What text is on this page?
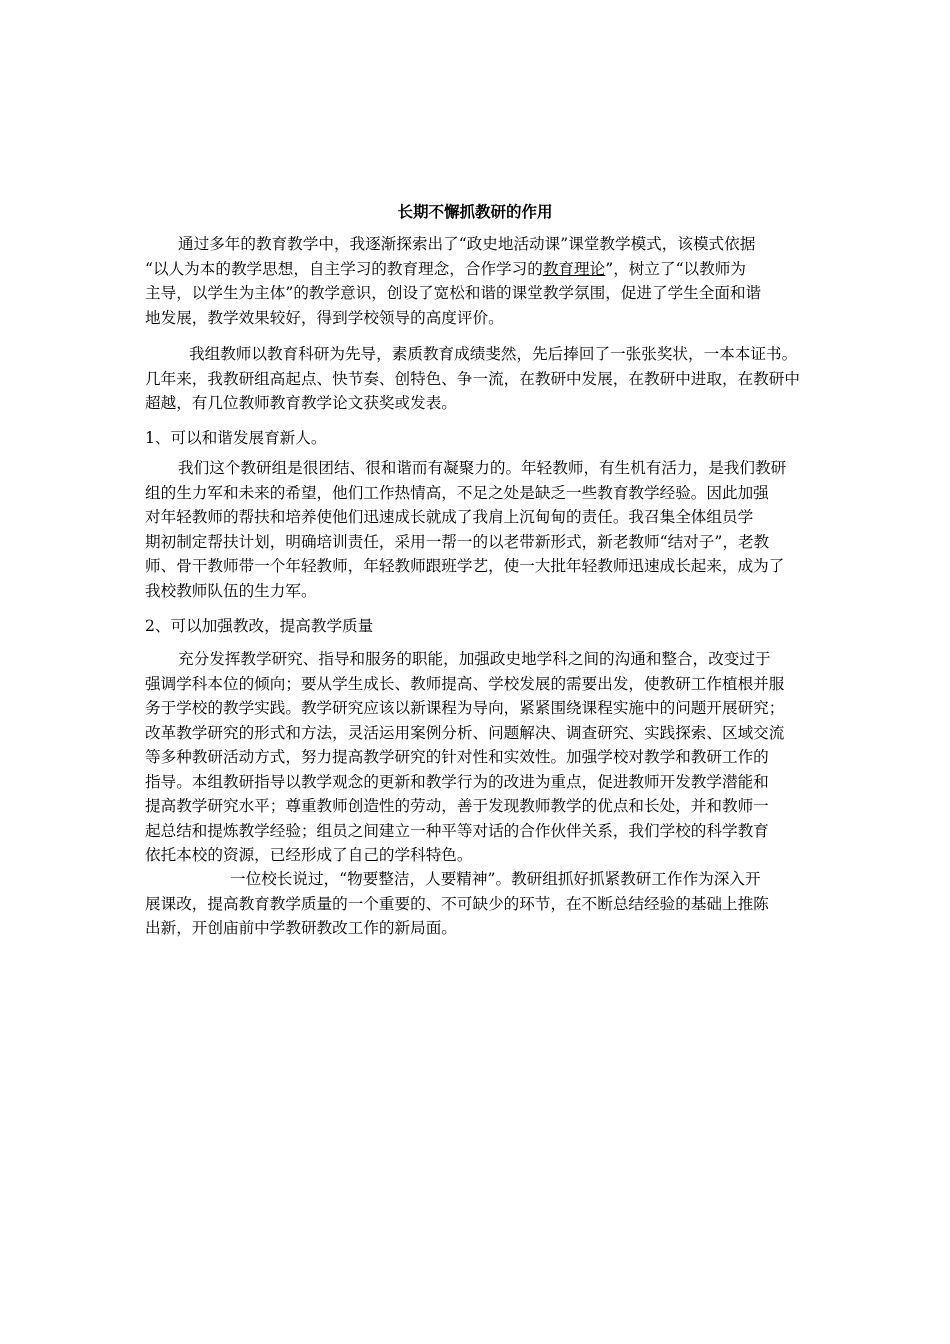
长期不懈抓教研的作用
通过多年的教育教学中，我逐渐探索出了“政史地活动课”课堂教学模式，该模式依据
“以人为本的教学思想，自主学习的教育理念，合作学习的教育理论”，树立了“以教师为
主导，以学生为主体”的教学意识，创设了宽松和谐的课堂教学氛围，促进了学生全面和谐
地发展，教学效果较好，得到学校领导的高度评价。
我组教师以教育科研为先导，素质教育成绩斐然，先后捧回了一张张奖状，一本本证书。
几年来，我教研组高起点、快节奏、创特色、争一流，在教研中发展，在教研中进取，在教研中
超越，有几位教师教育教学论文获奖或发表。
1、可以和谐发展育新人。
我们这个教研组是很团结、很和谐而有凝聚力的。年轻教师，有生机有活力，是我们教研
组的生力军和未来的希望，他们工作热情高，不足之处是缺乏一些教育教学经验。因此加强
对年轻教师的帮扶和培养使他们迅速成长就成了我肩上沉甸甸的责任。我召集全体组员学
期初制定帮扶计划，明确培训责任，采用一帮一的以老带新形式，新老教师“结对子”，老教
师、骨干教师带一个年轻教师，年轻教师跟班学艺，使一大批年轻教师迅速成长起来，成为了
我校教师队伍的生力军。
2、可以加强教改，提高教学质量
充分发挥教学研究、指导和服务的职能，加强政史地学科之间的沟通和整合，改变过于
强调学科本位的倾向；要从学生成长、教师提高、学校发展的需要出发，使教研工作植根并服
务于学校的教学实践。教学研究应该以新课程为导向，紧紧围绕课程实施中的问题开展研究；
改革教学研究的形式和方法，灵活运用案例分析、问题解决、调查研究、实践探索、区域交流
等多种教研活动方式，努力提高教学研究的针对性和实效性。加强学校对教学和教研工作的
指导。本组教研指导以教学观念的更新和教学行为的改进为重点，促进教师开发教学潜能和
提高教学研究水平；尊重教师创造性的劳动，善于发现教师教学的优点和长处，并和教师一
起总结和提炼教学经验；组员之间建立一种平等对话的合作伙伴关系，我们学校的科学教育
依托本校的资源，已经形成了自己的学科特色。
一位校长说过，“物要整洁，人要精神”。教研组抓好抓紧教研工作作为深入开
展课改，提高教育教学质量的一个重要的、不可缺少的环节，在不断总结经验的基础上推陈
出新，开创庙前中学教研教改工作的新局面。
